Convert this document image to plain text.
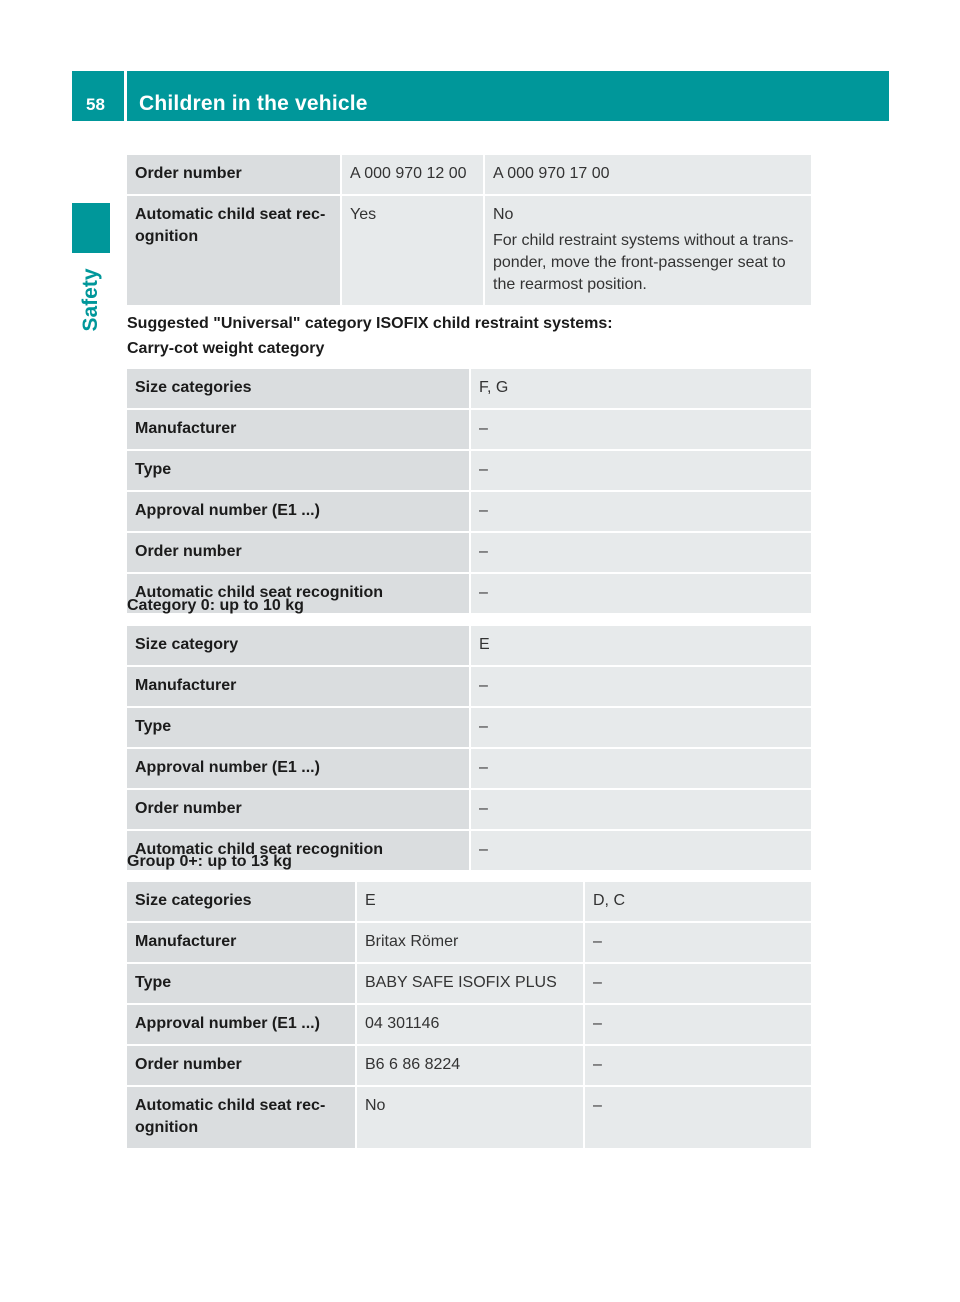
58 Children in the vehicle
Safety
Order number	A 000 970 12 00	A 000 970 17 00
Automatic child seat rec-
ognition	Yes	No
For child restraint systems without a trans-
ponder, move the front-passenger seat to
the rearmost position.
Suggested "Universal" category ISOFIX child restraint systems:
Carry-cot weight category
Size categories	F, G
Manufacturer	–
Type	–
Approval number (E1 ...)	–
Order number	–
Automatic child seat recognition	–
Category 0: up to 10 kg
Size category	E
Manufacturer	–
Type	–
Approval number (E1 ...)	–
Order number	–
Automatic child seat recognition	–
Group 0+: up to 13 kg
Size categories	E	D, C
Manufacturer	Britax Römer	–
Type	BABY SAFE ISOFIX PLUS	–
Approval number (E1 ...)	04 301146	–
Order number	B6 6 86 8224	–
Automatic child seat rec-
ognition	No	–
